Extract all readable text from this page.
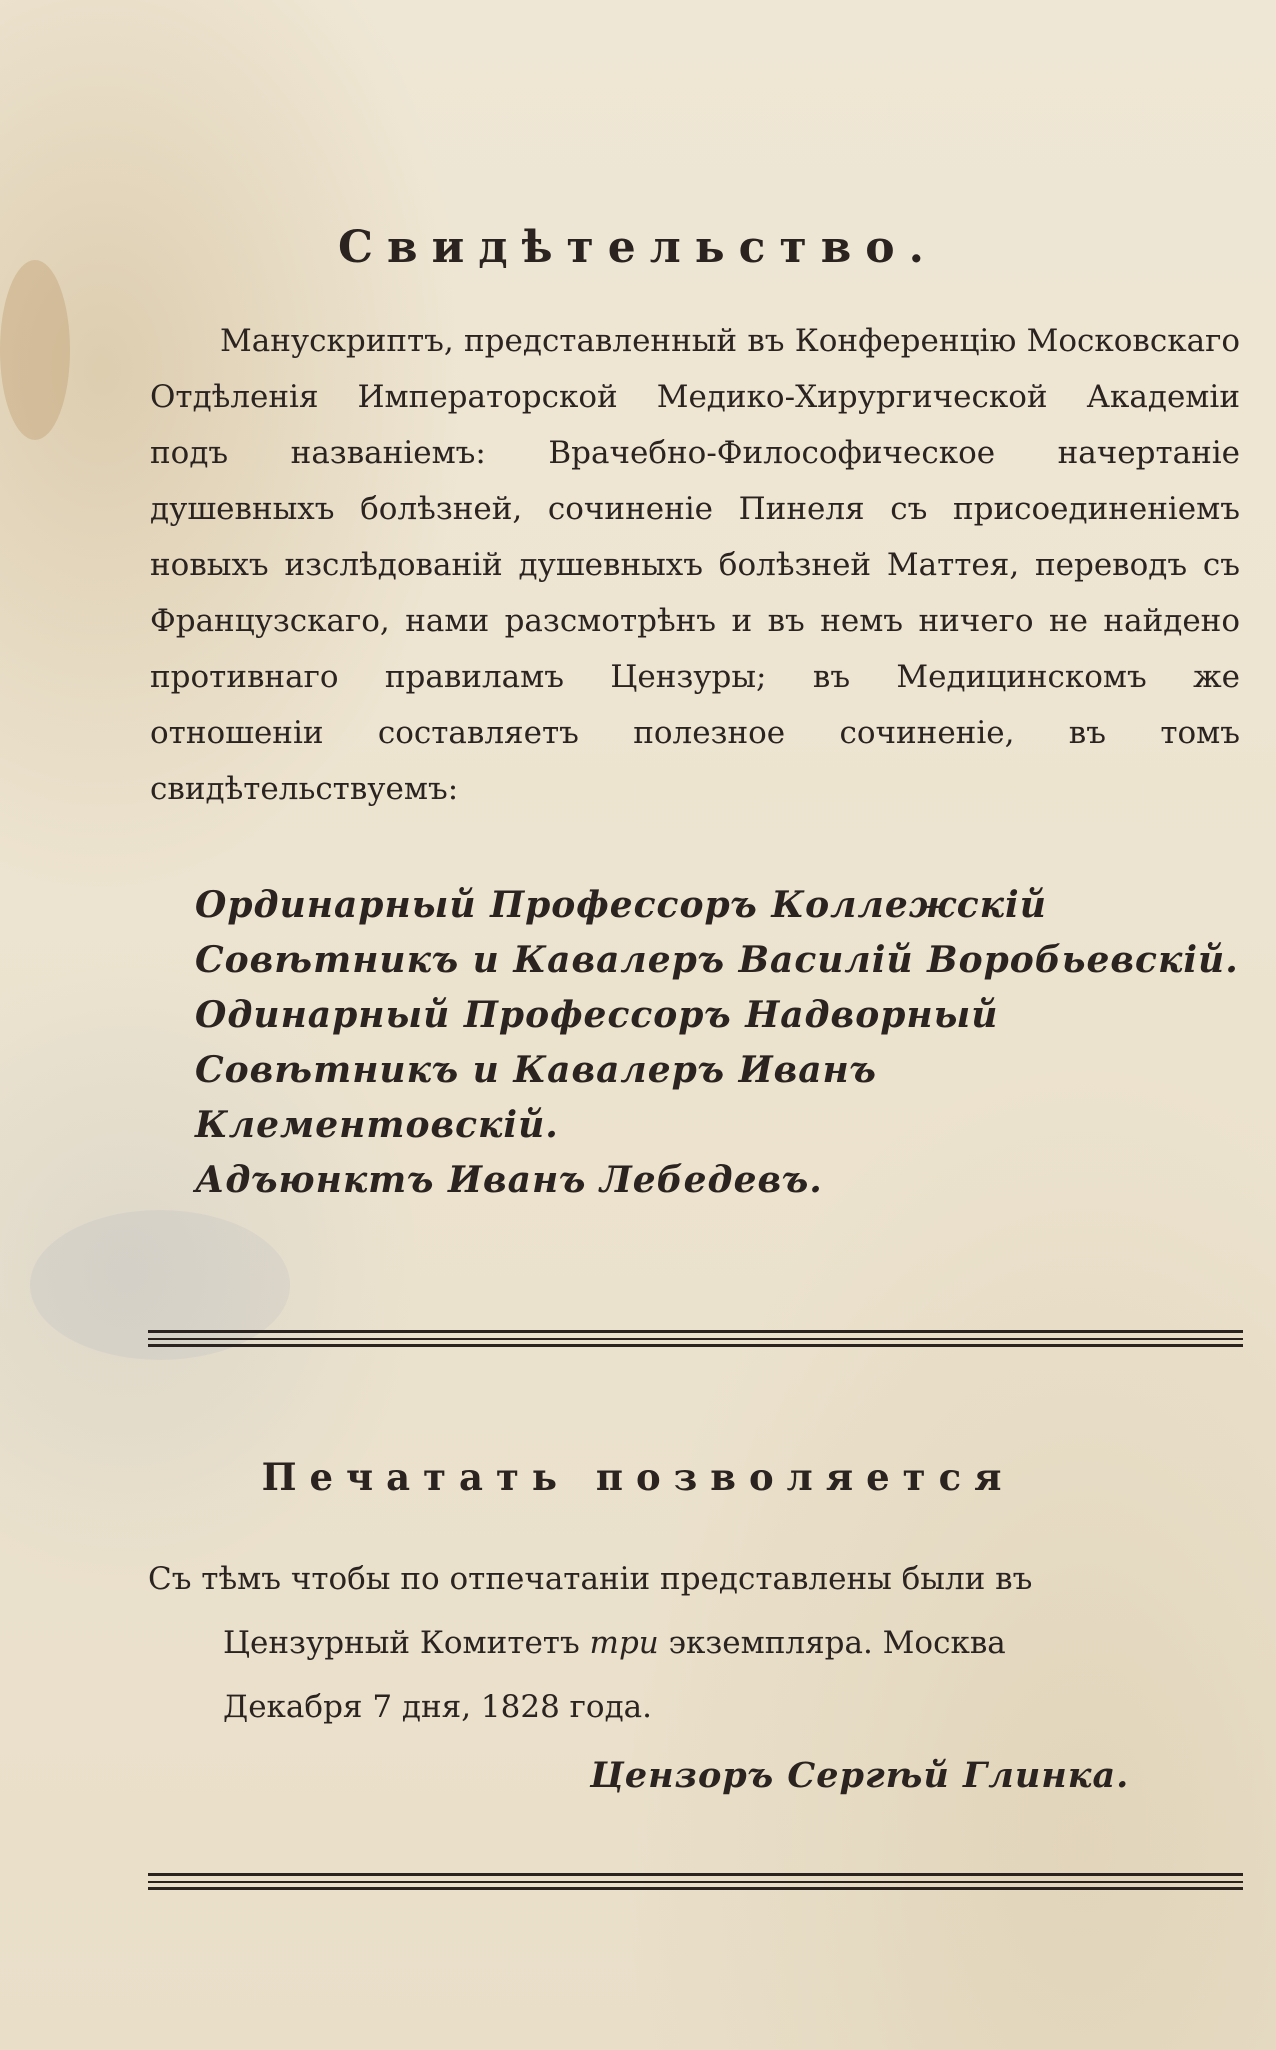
Свидѣтельство.

Манускриптъ, представленный въ Конференцію Московскаго Отдѣленія Императорской Медико-Хирургической Академіи подъ названіемъ: Врачебно-Философическое начертаніе душевныхъ болѣзней, сочиненіе Пинеля съ присоединеніемъ новыхъ изслѣдованій душевныхъ болѣзней Маттея, переводъ съ Французскаго, нами разсмотрѣнъ и въ немъ ничего не найдено противнаго правиламъ Цензуры; въ Медицинскомъ же отношеніи составляетъ полезное сочиненіе, въ томъ свидѣтельствуемъ:

Ординарный Профессоръ Коллежскій Совѣтникъ и Кавалеръ Василій Воробьевскій.
Одинарный Профессоръ Надворный Совѣтникъ и Кавалеръ Иванъ Клементовскій.
Адъюнктъ Иванъ Лебедевъ.
Печатать позволяется
Съ тѣмъ чтобы по отпечатаніи представлены были въ
Цензурный Комитетъ три экземпляра. Москва
Декабря 7 дня, 1828 года.
Цензоръ Сергѣй Глинка.
